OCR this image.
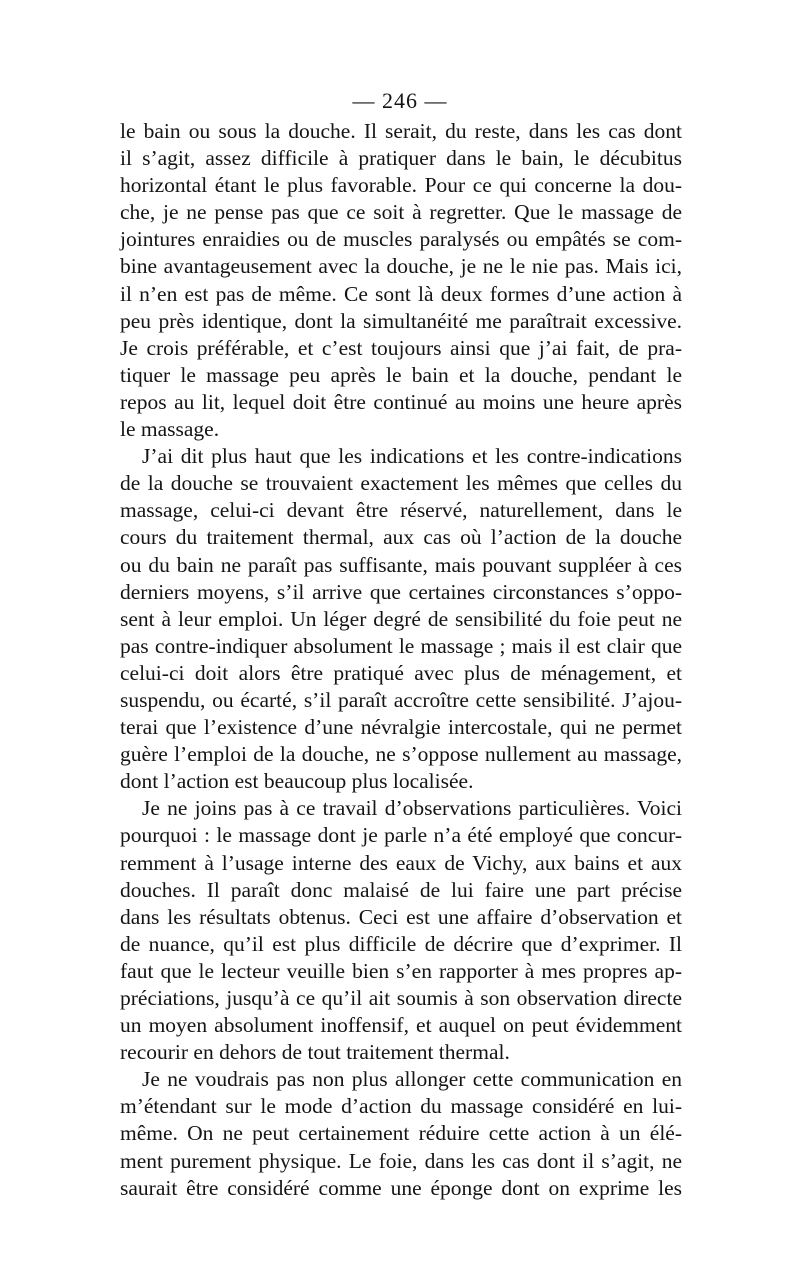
— 246 —
le bain ou sous la douche. Il serait, du reste, dans les cas dont
il s’agit, assez difficile à pratiquer dans le bain, le décubitus
horizontal étant le plus favorable. Pour ce qui concerne la dou-
che, je ne pense pas que ce soit à regretter. Que le massage de
jointures enraidies ou de muscles paralysés ou empâtés se com-
bine avantageusement avec la douche, je ne le nie pas. Mais ici,
il n’en est pas de même. Ce sont là deux formes d’une action à
peu près identique, dont la simultanéité me paraîtrait excessive.
Je crois préférable, et c’est toujours ainsi que j’ai fait, de pra-
tiquer le massage peu après le bain et la douche, pendant le
repos au lit, lequel doit être continué au moins une heure après
le massage.
J’ai dit plus haut que les indications et les contre-indications
de la douche se trouvaient exactement les mêmes que celles du
massage, celui-ci devant être réservé, naturellement, dans le
cours du traitement thermal, aux cas où l’action de la douche
ou du bain ne paraît pas suffisante, mais pouvant suppléer à ces
derniers moyens, s’il arrive que certaines circonstances s’oppo-
sent à leur emploi. Un léger degré de sensibilité du foie peut ne
pas contre-indiquer absolument le massage ; mais il est clair que
celui-ci doit alors être pratiqué avec plus de ménagement, et
suspendu, ou écarté, s’il paraît accroître cette sensibilité. J’ajou-
terai que l’existence d’une névralgie intercostale, qui ne permet
guère l’emploi de la douche, ne s’oppose nullement au massage,
dont l’action est beaucoup plus localisée.
Je ne joins pas à ce travail d’observations particulières. Voici
pourquoi : le massage dont je parle n’a été employé que concur-
remment à l’usage interne des eaux de Vichy, aux bains et aux
douches. Il paraît donc malaisé de lui faire une part précise
dans les résultats obtenus. Ceci est une affaire d’observation et
de nuance, qu’il est plus difficile de décrire que d’exprimer. Il
faut que le lecteur veuille bien s’en rapporter à mes propres ap-
préciations, jusqu’à ce qu’il ait soumis à son observation directe
un moyen absolument inoffensif, et auquel on peut évidemment
recourir en dehors de tout traitement thermal.
Je ne voudrais pas non plus allonger cette communication en
m’étendant sur le mode d’action du massage considéré en lui-
même. On ne peut certainement réduire cette action à un élé-
ment purement physique. Le foie, dans les cas dont il s’agit, ne
saurait être considéré comme une éponge dont on exprime les
